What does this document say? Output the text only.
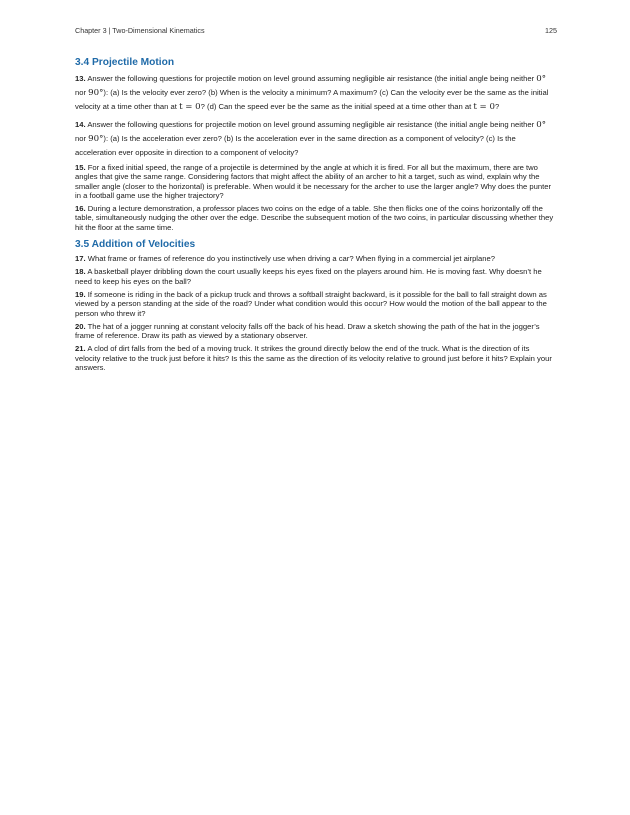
Chapter 3 | Two-Dimensional Kinematics	125
3.4 Projectile Motion

13. Answer the following questions for projectile motion on level ground assuming negligible air resistance (the initial angle being neither 0° nor 90°): (a) Is the velocity ever zero? (b) When is the velocity a minimum? A maximum? (c) Can the velocity ever be the same as the initial velocity at a time other than at t = 0? (d) Can the speed ever be the same as the initial speed at a time other than at t = 0?

14. Answer the following questions for projectile motion on level ground assuming negligible air resistance (the initial angle being neither 0° nor 90°): (a) Is the acceleration ever zero? (b) Is the acceleration ever in the same direction as a component of velocity? (c) Is the acceleration ever opposite in direction to a component of velocity?

15. For a fixed initial speed, the range of a projectile is determined by the angle at which it is fired. For all but the maximum, there are two angles that give the same range. Considering factors that might affect the ability of an archer to hit a target, such as wind, explain why the smaller angle (closer to the horizontal) is preferable. When would it be necessary for the archer to use the larger angle? Why does the punter in a football game use the higher trajectory?

16. During a lecture demonstration, a professor places two coins on the edge of a table. She then flicks one of the coins horizontally off the table, simultaneously nudging the other over the edge. Describe the subsequent motion of the two coins, in particular discussing whether they hit the floor at the same time.

3.5 Addition of Velocities

17. What frame or frames of reference do you instinctively use when driving a car? When flying in a commercial jet airplane?

18. A basketball player dribbling down the court usually keeps his eyes fixed on the players around him. He is moving fast. Why doesn’t he need to keep his eyes on the ball?

19. If someone is riding in the back of a pickup truck and throws a softball straight backward, is it possible for the ball to fall straight down as viewed by a person standing at the side of the road? Under what condition would this occur? How would the motion of the ball appear to the person who threw it?

20. The hat of a jogger running at constant velocity falls off the back of his head. Draw a sketch showing the path of the hat in the jogger’s frame of reference. Draw its path as viewed by a stationary observer.

21. A clod of dirt falls from the bed of a moving truck. It strikes the ground directly below the end of the truck. What is the direction of its velocity relative to the truck just before it hits? Is this the same as the direction of its velocity relative to ground just before it hits? Explain your answers.
